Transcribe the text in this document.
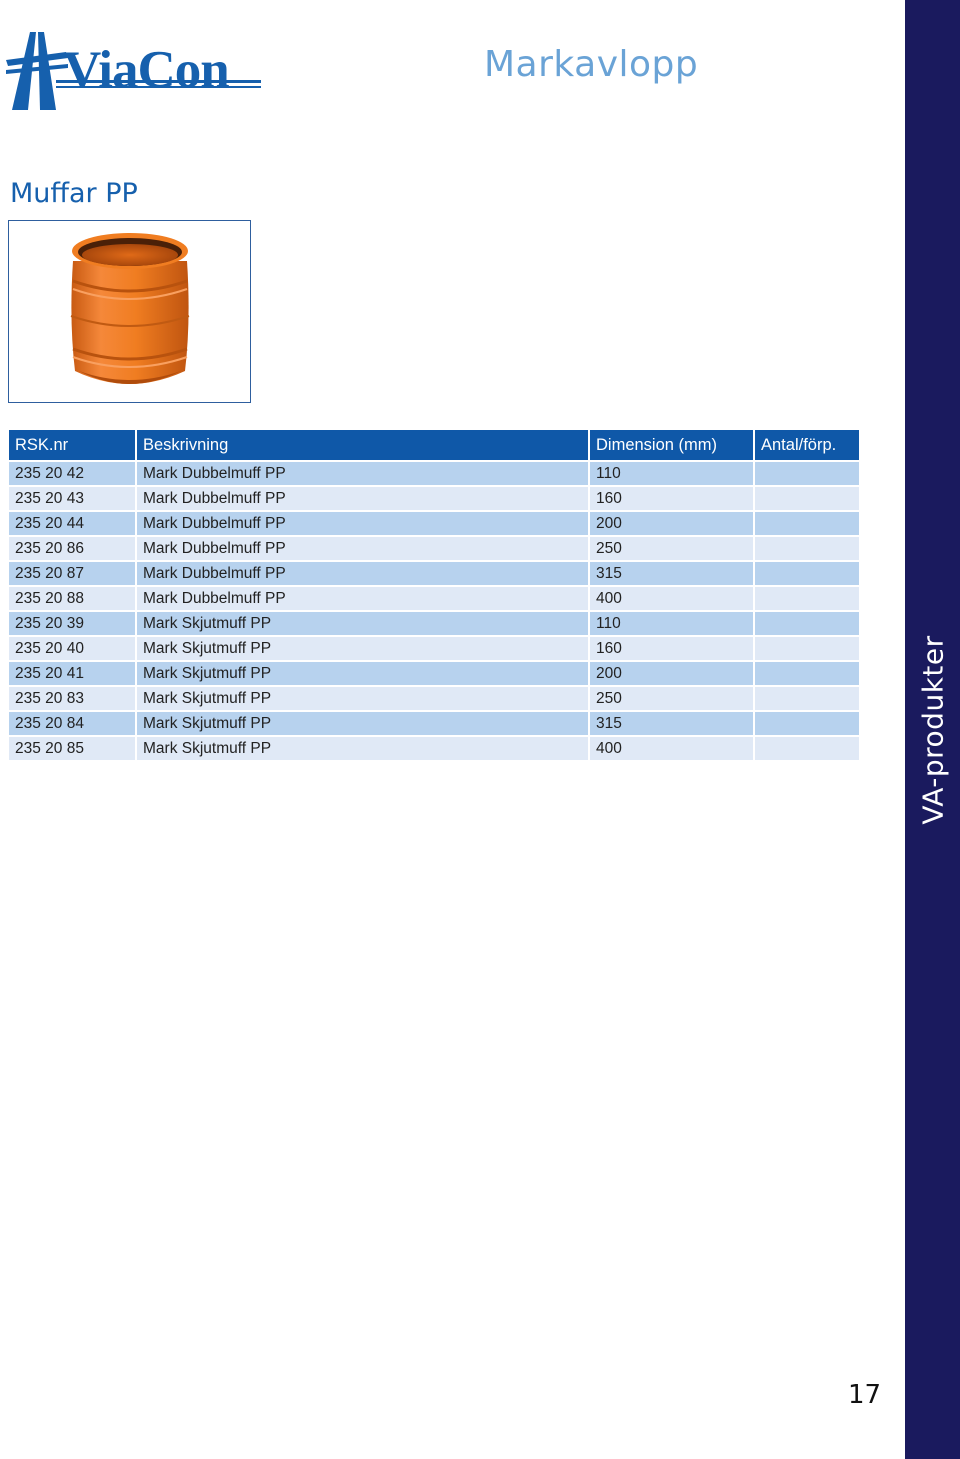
ViaCon	Markavlopp
Muffar PP
RSK.nr	Beskrivning	Dimension (mm)	Antal/förp.
235 20 42	Mark Dubbelmuff PP	110	
235 20 43	Mark Dubbelmuff PP	160	
235 20 44	Mark Dubbelmuff PP	200	
235 20 86	Mark Dubbelmuff PP	250	
235 20 87	Mark Dubbelmuff PP	315	
235 20 88	Mark Dubbelmuff PP	400	
235 20 39	Mark Skjutmuff PP	110	
235 20 40	Mark Skjutmuff PP	160	
235 20 41	Mark Skjutmuff PP	200	
235 20 83	Mark Skjutmuff PP	250	
235 20 84	Mark Skjutmuff PP	315	
235 20 85	Mark Skjutmuff PP	400		VA-produkter
17
